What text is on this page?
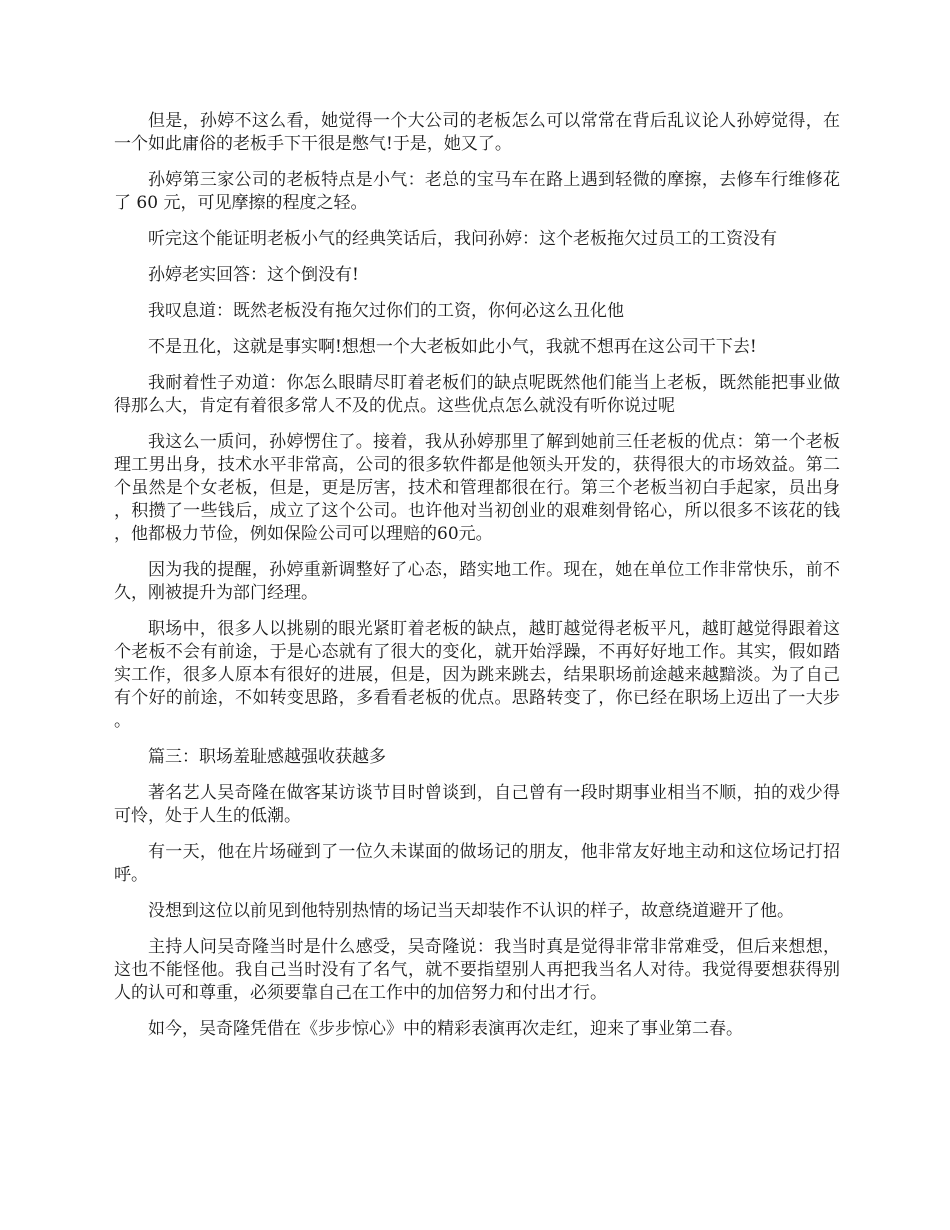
但是，孙婷不这么看，她觉得一个大公司的老板怎么可以常常在背后乱议论人孙婷觉得，在一个如此庸俗的老板手下干很是憋气!于是，她又了。

孙婷第三家公司的老板特点是小气：老总的宝马车在路上遇到轻微的摩擦，去修车行维修花了 60 元，可见摩擦的程度之轻。

听完这个能证明老板小气的经典笑话后，我问孙婷：这个老板拖欠过员工的工资没有

孙婷老实回答：这个倒没有!

我叹息道：既然老板没有拖欠过你们的工资，你何必这么丑化他

不是丑化，这就是事实啊!想想一个大老板如此小气，我就不想再在这公司干下去!

我耐着性子劝道：你怎么眼睛尽盯着老板们的缺点呢既然他们能当上老板，既然能把事业做得那么大，肯定有着很多常人不及的优点。这些优点怎么就没有听你说过呢

我这么一质问，孙婷愣住了。接着，我从孙婷那里了解到她前三任老板的优点：第一个老板理工男出身，技术水平非常高，公司的很多软件都是他领头开发的，获得很大的市场效益。第二个虽然是个女老板，但是，更是厉害，技术和管理都很在行。第三个老板当初白手起家，员出身，积攒了一些钱后，成立了这个公司。也许他对当初创业的艰难刻骨铭心，所以很多不该花的钱，他都极力节俭，例如保险公司可以理赔的60元。

因为我的提醒，孙婷重新调整好了心态，踏实地工作。现在，她在单位工作非常快乐，前不久，刚被提升为部门经理。

职场中，很多人以挑剔的眼光紧盯着老板的缺点，越盯越觉得老板平凡，越盯越觉得跟着这个老板不会有前途，于是心态就有了很大的变化，就开始浮躁，不再好好地工作。其实，假如踏实工作，很多人原本有很好的进展，但是，因为跳来跳去，结果职场前途越来越黯淡。为了自己有个好的前途，不如转变思路，多看看老板的优点。思路转变了，你已经在职场上迈出了一大步。

篇三：职场羞耻感越强收获越多

著名艺人吴奇隆在做客某访谈节目时曾谈到，自己曾有一段时期事业相当不顺，拍的戏少得可怜，处于人生的低潮。

有一天，他在片场碰到了一位久未谋面的做场记的朋友，他非常友好地主动和这位场记打招呼。

没想到这位以前见到他特别热情的场记当天却装作不认识的样子，故意绕道避开了他。

主持人问吴奇隆当时是什么感受，吴奇隆说：我当时真是觉得非常非常难受，但后来想想，这也不能怪他。我自己当时没有了名气，就不要指望别人再把我当名人对待。我觉得要想获得别人的认可和尊重，必须要靠自己在工作中的加倍努力和付出才行。

如今，吴奇隆凭借在《步步惊心》中的精彩表演再次走红，迎来了事业第二春。
